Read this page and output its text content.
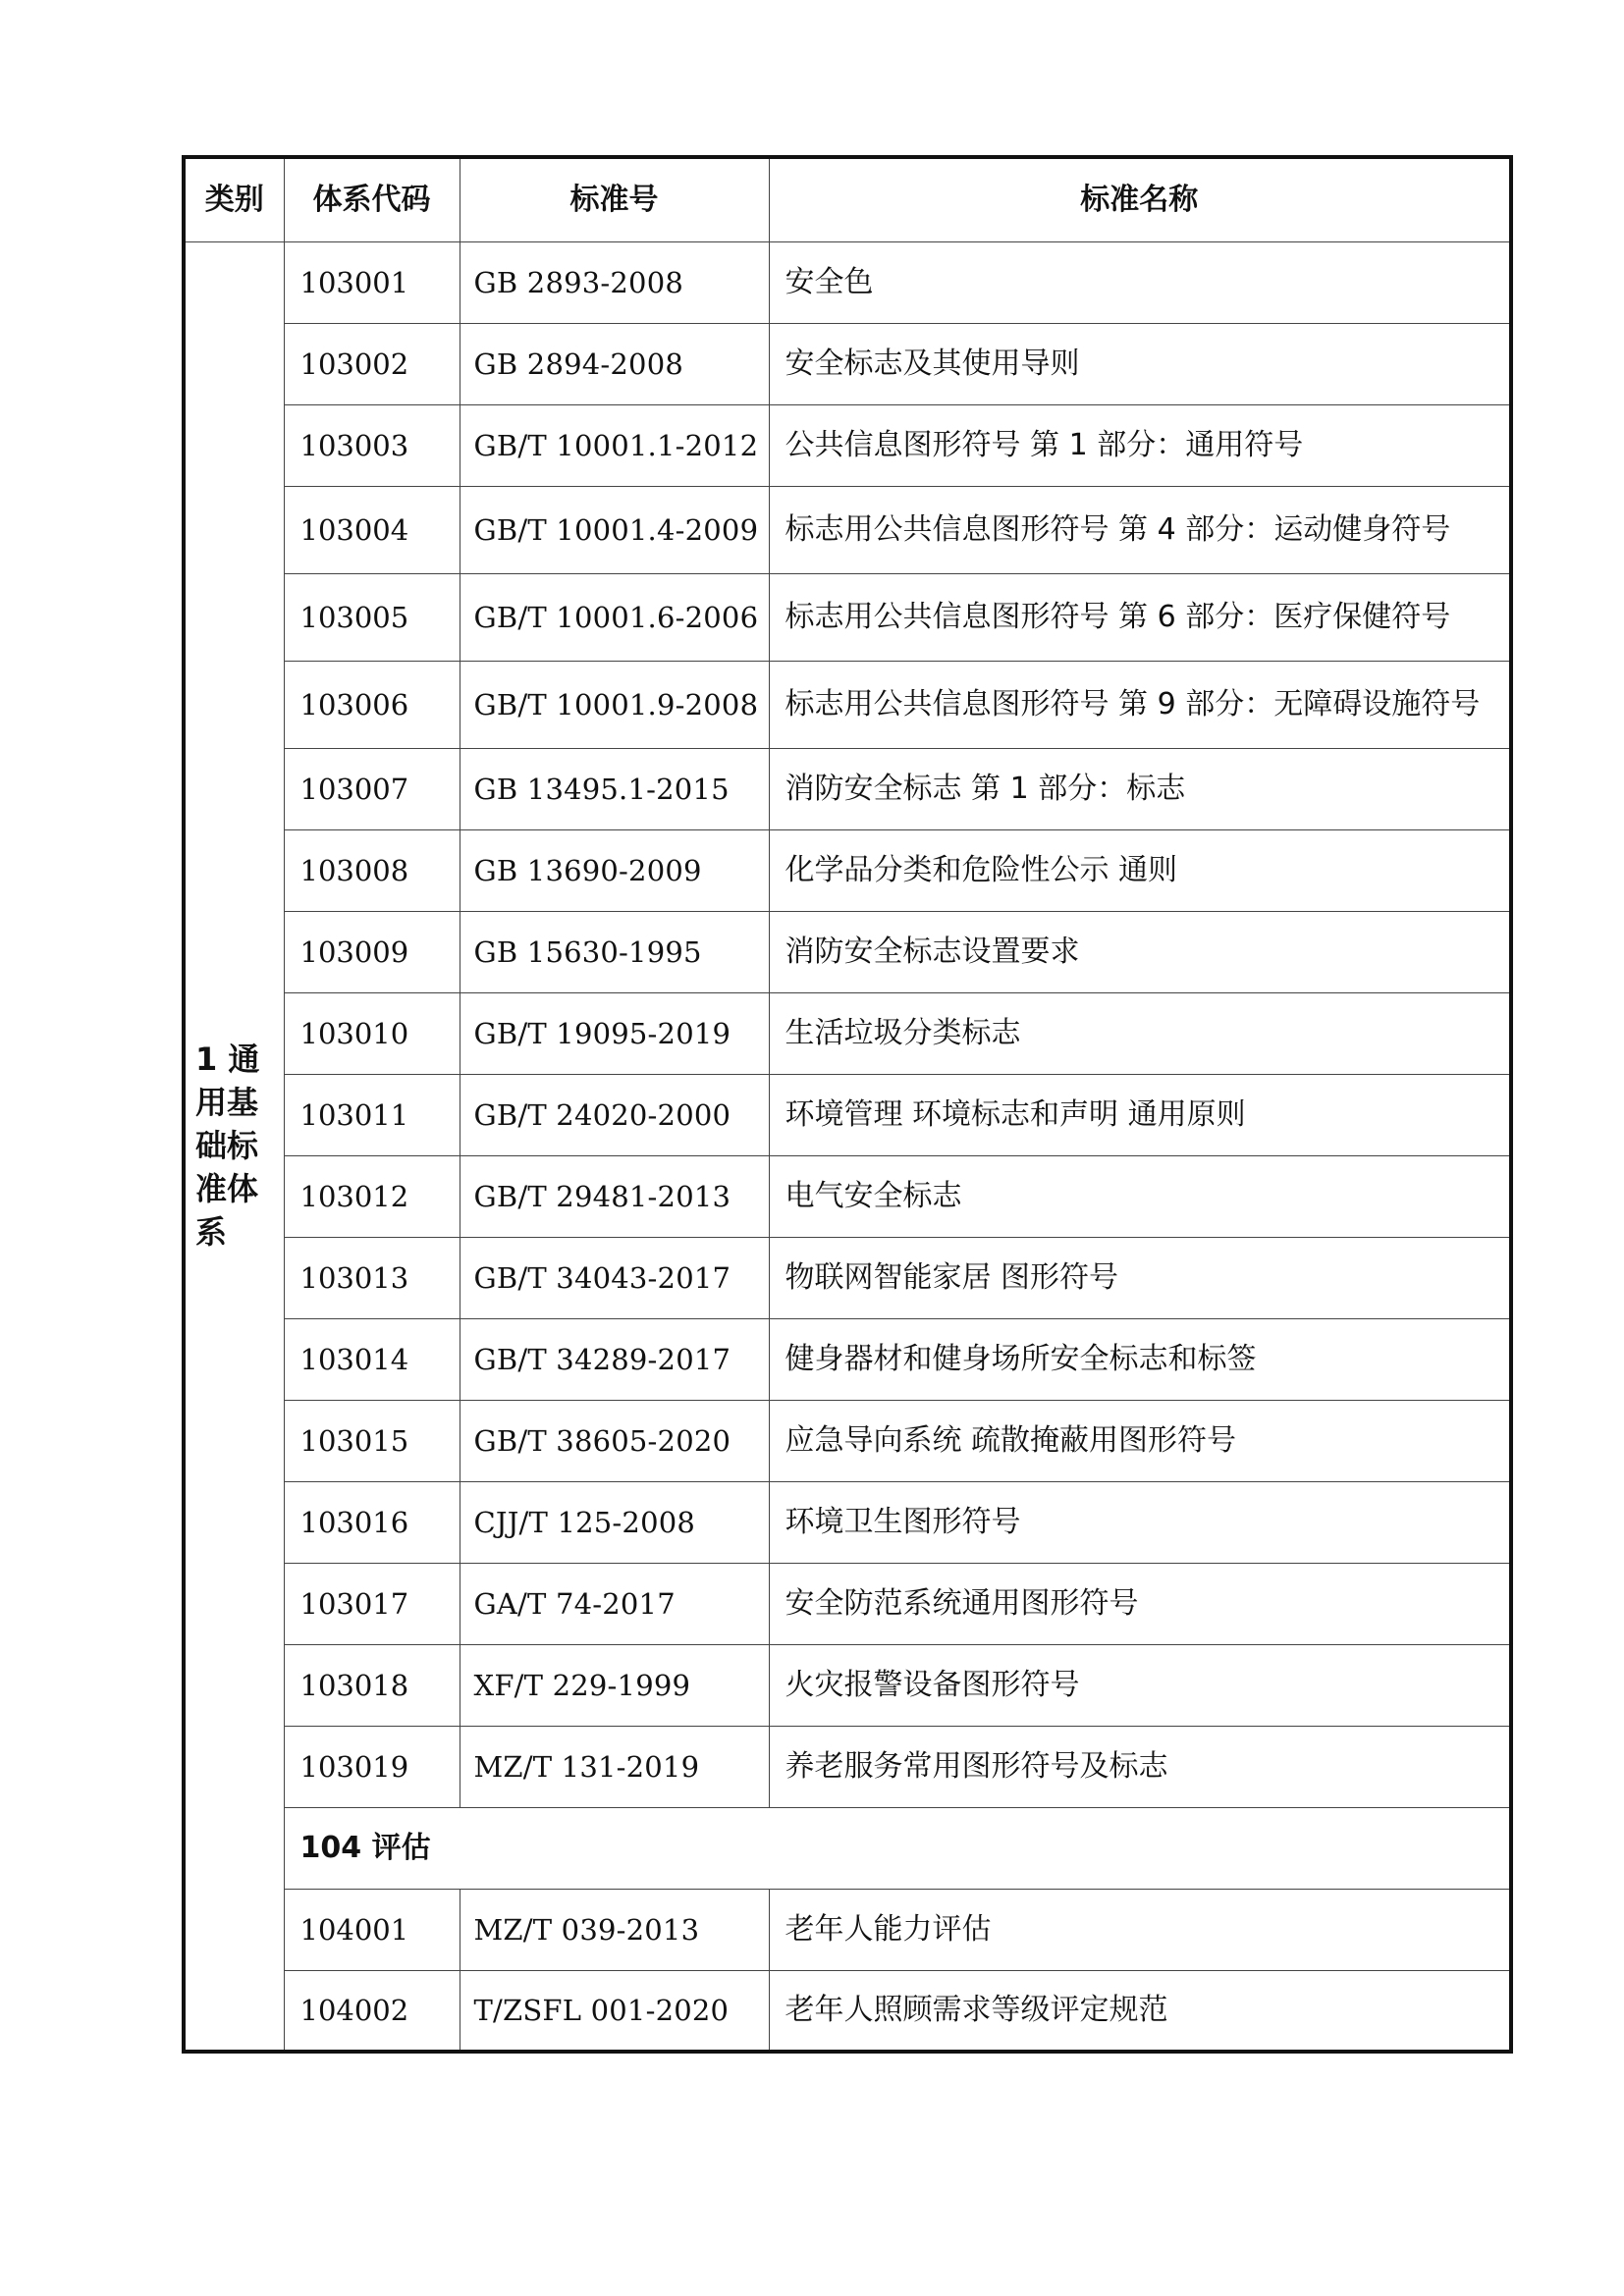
类别	体系代码	标准号	标准名称
1 通用基础标准体系	103001	GB 2893-2008	安全色
	103002	GB 2894-2008	安全标志及其使用导则
	103003	GB/T 10001.1-2012	公共信息图形符号 第 1 部分：通用符号
	103004	GB/T 10001.4-2009	标志用公共信息图形符号 第 4 部分：运动健身符号
	103005	GB/T 10001.6-2006	标志用公共信息图形符号 第 6 部分：医疗保健符号
	103006	GB/T 10001.9-2008	标志用公共信息图形符号 第 9 部分：无障碍设施符号
	103007	GB 13495.1-2015	消防安全标志 第 1 部分：标志
	103008	GB 13690-2009	化学品分类和危险性公示 通则
	103009	GB 15630-1995	消防安全标志设置要求
	103010	GB/T 19095-2019	生活垃圾分类标志
	103011	GB/T 24020-2000	环境管理 环境标志和声明 通用原则
	103012	GB/T 29481-2013	电气安全标志
	103013	GB/T 34043-2017	物联网智能家居 图形符号
	103014	GB/T 34289-2017	健身器材和健身场所安全标志和标签
	103015	GB/T 38605-2020	应急导向系统 疏散掩蔽用图形符号
	103016	CJJ/T 125-2008	环境卫生图形符号
	103017	GA/T 74-2017	安全防范系统通用图形符号
	103018	XF/T 229-1999	火灾报警设备图形符号
	103019	MZ/T 131-2019	养老服务常用图形符号及标志
	104 评估		
	104001	MZ/T 039-2013	老年人能力评估
	104002	T/ZSFL 001-2020	老年人照顾需求等级评定规范
